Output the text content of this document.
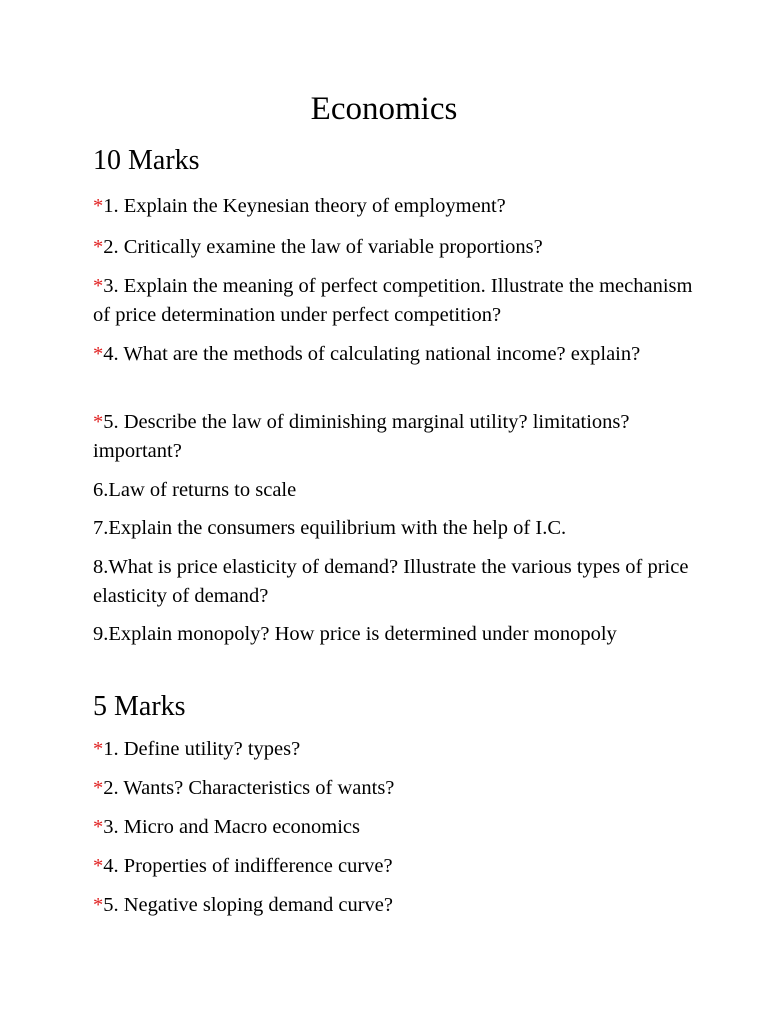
Economics
10 Marks

*1. Explain the Keynesian theory of employment?

*2. Critically examine the law of variable proportions?

*3. Explain the meaning of perfect competition. Illustrate the mechanism of price determination under perfect competition?

*4. What are the methods of calculating national income? explain?

*5. Describe the law of diminishing marginal utility? limitations? important?

6.Law of returns to scale

7.Explain the consumers equilibrium with the help of I.C.

8.What is price elasticity of demand? Illustrate the various types of price elasticity of demand?

9.Explain monopoly? How price is determined under monopoly

5 Marks

*1. Define utility? types?

*2. Wants? Characteristics of wants?

*3. Micro and Macro economics

*4. Properties of indifference curve?

*5. Negative sloping demand curve?
